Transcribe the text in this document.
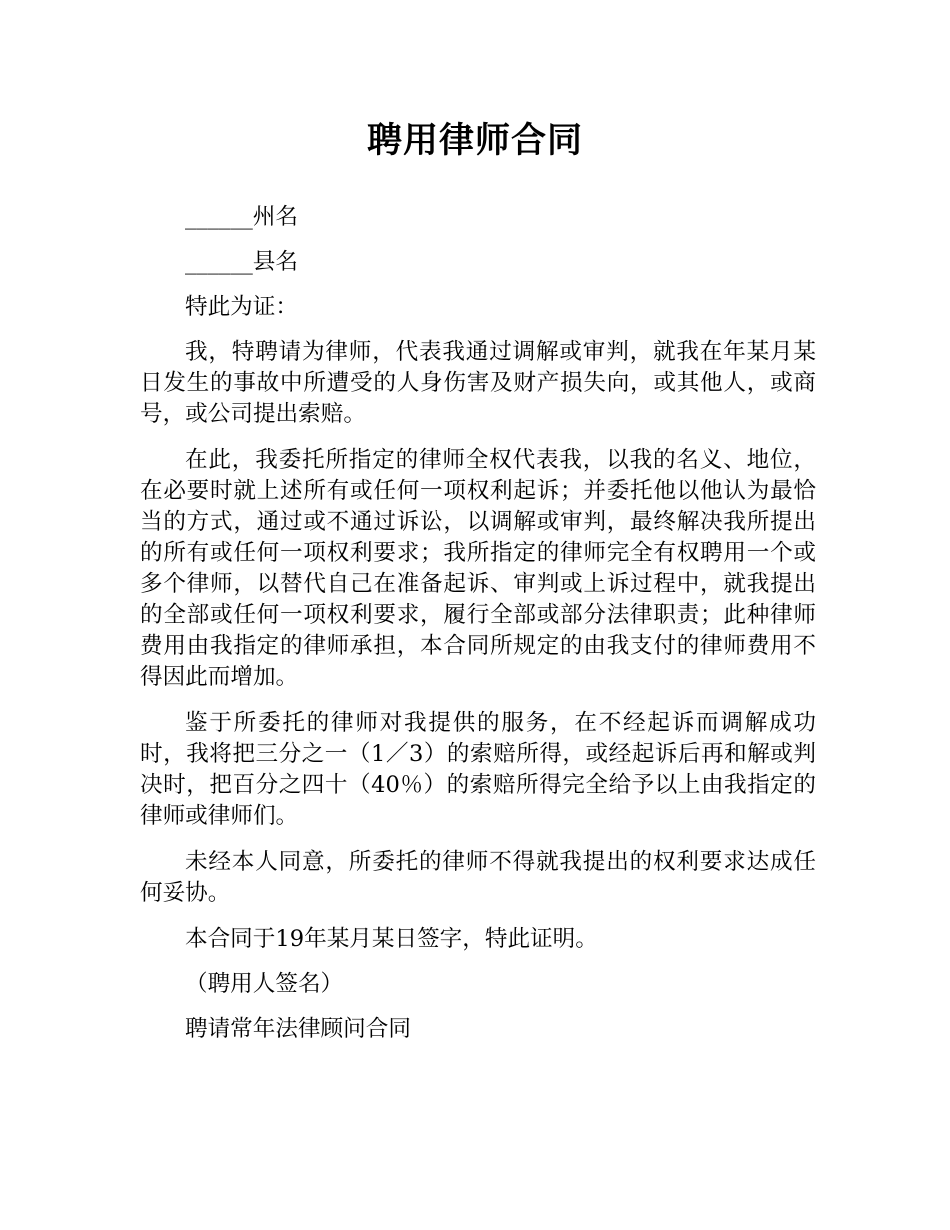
聘用律师合同

______州名

______县名

特此为证：

我，特聘请为律师，代表我通过调解或审判，就我在年某月某日发生的事故中所遭受的人身伤害及财产损失向，或其他人，或商号，或公司提出索赔。

在此，我委托所指定的律师全权代表我，以我的名义、地位，在必要时就上述所有或任何一项权利起诉；并委托他以他认为最恰当的方式，通过或不通过诉讼，以调解或审判，最终解决我所提出的所有或任何一项权利要求；我所指定的律师完全有权聘用一个或多个律师，以替代自己在准备起诉、审判或上诉过程中，就我提出的全部或任何一项权利要求，履行全部或部分法律职责；此种律师费用由我指定的律师承担，本合同所规定的由我支付的律师费用不得因此而增加。

鉴于所委托的律师对我提供的服务，在不经起诉而调解成功时，我将把三分之一（1／3）的索赔所得，或经起诉后再和解或判决时，把百分之四十（40％）的索赔所得完全给予以上由我指定的律师或律师们。

未经本人同意，所委托的律师不得就我提出的权利要求达成任何妥协。

本合同于19年某月某日签字，特此证明。

（聘用人签名）

聘请常年法律顾问合同
